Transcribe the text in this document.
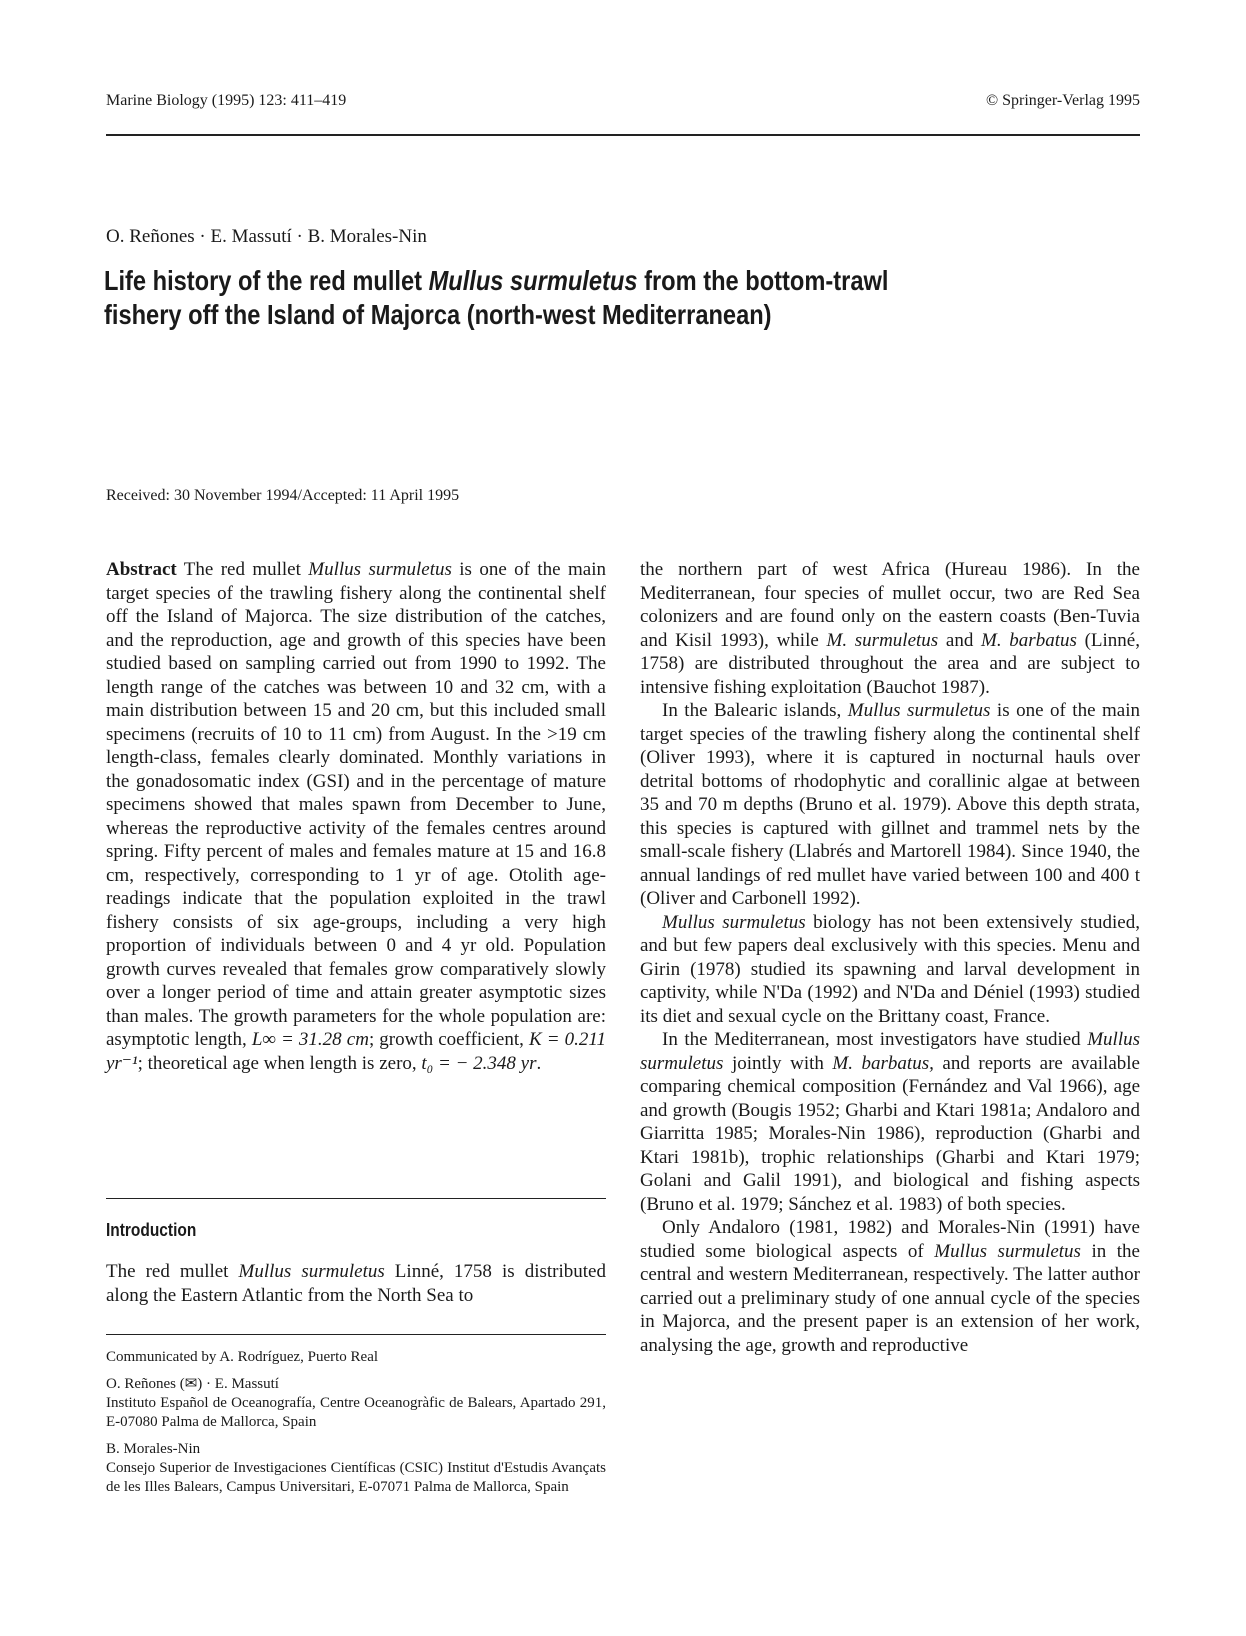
Marine Biology (1995) 123: 411–419	© Springer-Verlag 1995
O. Reñones · E. Massutí · B. Morales-Nin
Life history of the red mullet Mullus surmuletus from the bottom-trawl
fishery off the Island of Majorca (north-west Mediterranean)
Received: 30 November 1994/Accepted: 11 April 1995

Abstract The red mullet Mullus surmuletus is one of the main target species of the trawling fishery along the continental shelf off the Island of Majorca. The size distribution of the catches, and the reproduction, age and growth of this species have been studied based on sampling carried out from 1990 to 1992. The length range of the catches was between 10 and 32 cm, with a main distribution between 15 and 20 cm, but this included small specimens (recruits of 10 to 11 cm) from August. In the >19 cm length-class, females clearly dominated. Monthly variations in the gonadosomatic index (GSI) and in the percentage of mature specimens showed that males spawn from December to June, whereas the reproductive activity of the females centres around spring. Fifty percent of males and females mature at 15 and 16.8 cm, respectively, corresponding to 1 yr of age. Otolith age-readings indicate that the population exploited in the trawl fishery consists of six age-groups, including a very high proportion of individuals between 0 and 4 yr old. Population growth curves revealed that females grow comparatively slowly over a longer period of time and attain greater asymptotic sizes than males. The growth parameters for the whole population are: asymptotic length, L∞ = 31.28 cm; growth coefficient, K = 0.211 yr⁻¹; theoretical age when length is zero, t₀ = − 2.348 yr.

Introduction

The red mullet Mullus surmuletus Linné, 1758 is distributed along the Eastern Atlantic from the North Sea to

Communicated by A. Rodríguez, Puerto Real

O. Reñones (✉) · E. Massutí

Instituto Español de Oceanografía, Centre Oceanogràfic de Balears, Apartado 291, E-07080 Palma de Mallorca, Spain

B. Morales-Nin

Consejo Superior de Investigaciones Científicas (CSIC) Institut d'Estudis Avançats de les Illes Balears, Campus Universitari, E-07071 Palma de Mallorca, Spain

the northern part of west Africa (Hureau 1986). In the Mediterranean, four species of mullet occur, two are Red Sea colonizers and are found only on the eastern coasts (Ben-Tuvia and Kisil 1993), while M. surmuletus and M. barbatus (Linné, 1758) are distributed throughout the area and are subject to intensive fishing exploitation (Bauchot 1987).

In the Balearic islands, Mullus surmuletus is one of the main target species of the trawling fishery along the continental shelf (Oliver 1993), where it is captured in nocturnal hauls over detrital bottoms of rhodophytic and corallinic algae at between 35 and 70 m depths (Bruno et al. 1979). Above this depth strata, this species is captured with gillnet and trammel nets by the small-scale fishery (Llabrés and Martorell 1984). Since 1940, the annual landings of red mullet have varied between 100 and 400 t (Oliver and Carbonell 1992).

Mullus surmuletus biology has not been extensively studied, and but few papers deal exclusively with this species. Menu and Girin (1978) studied its spawning and larval development in captivity, while N'Da (1992) and N'Da and Déniel (1993) studied its diet and sexual cycle on the Brittany coast, France.

In the Mediterranean, most investigators have studied Mullus surmuletus jointly with M. barbatus, and reports are available comparing chemical composition (Fernández and Val 1966), age and growth (Bougis 1952; Gharbi and Ktari 1981a; Andaloro and Giarritta 1985; Morales-Nin 1986), reproduction (Gharbi and Ktari 1981b), trophic relationships (Gharbi and Ktari 1979; Golani and Galil 1991), and biological and fishing aspects (Bruno et al. 1979; Sánchez et al. 1983) of both species.

Only Andaloro (1981, 1982) and Morales-Nin (1991) have studied some biological aspects of Mullus surmuletus in the central and western Mediterranean, respectively. The latter author carried out a preliminary study of one annual cycle of the species in Majorca, and the present paper is an extension of her work, analysing the age, growth and reproductive
